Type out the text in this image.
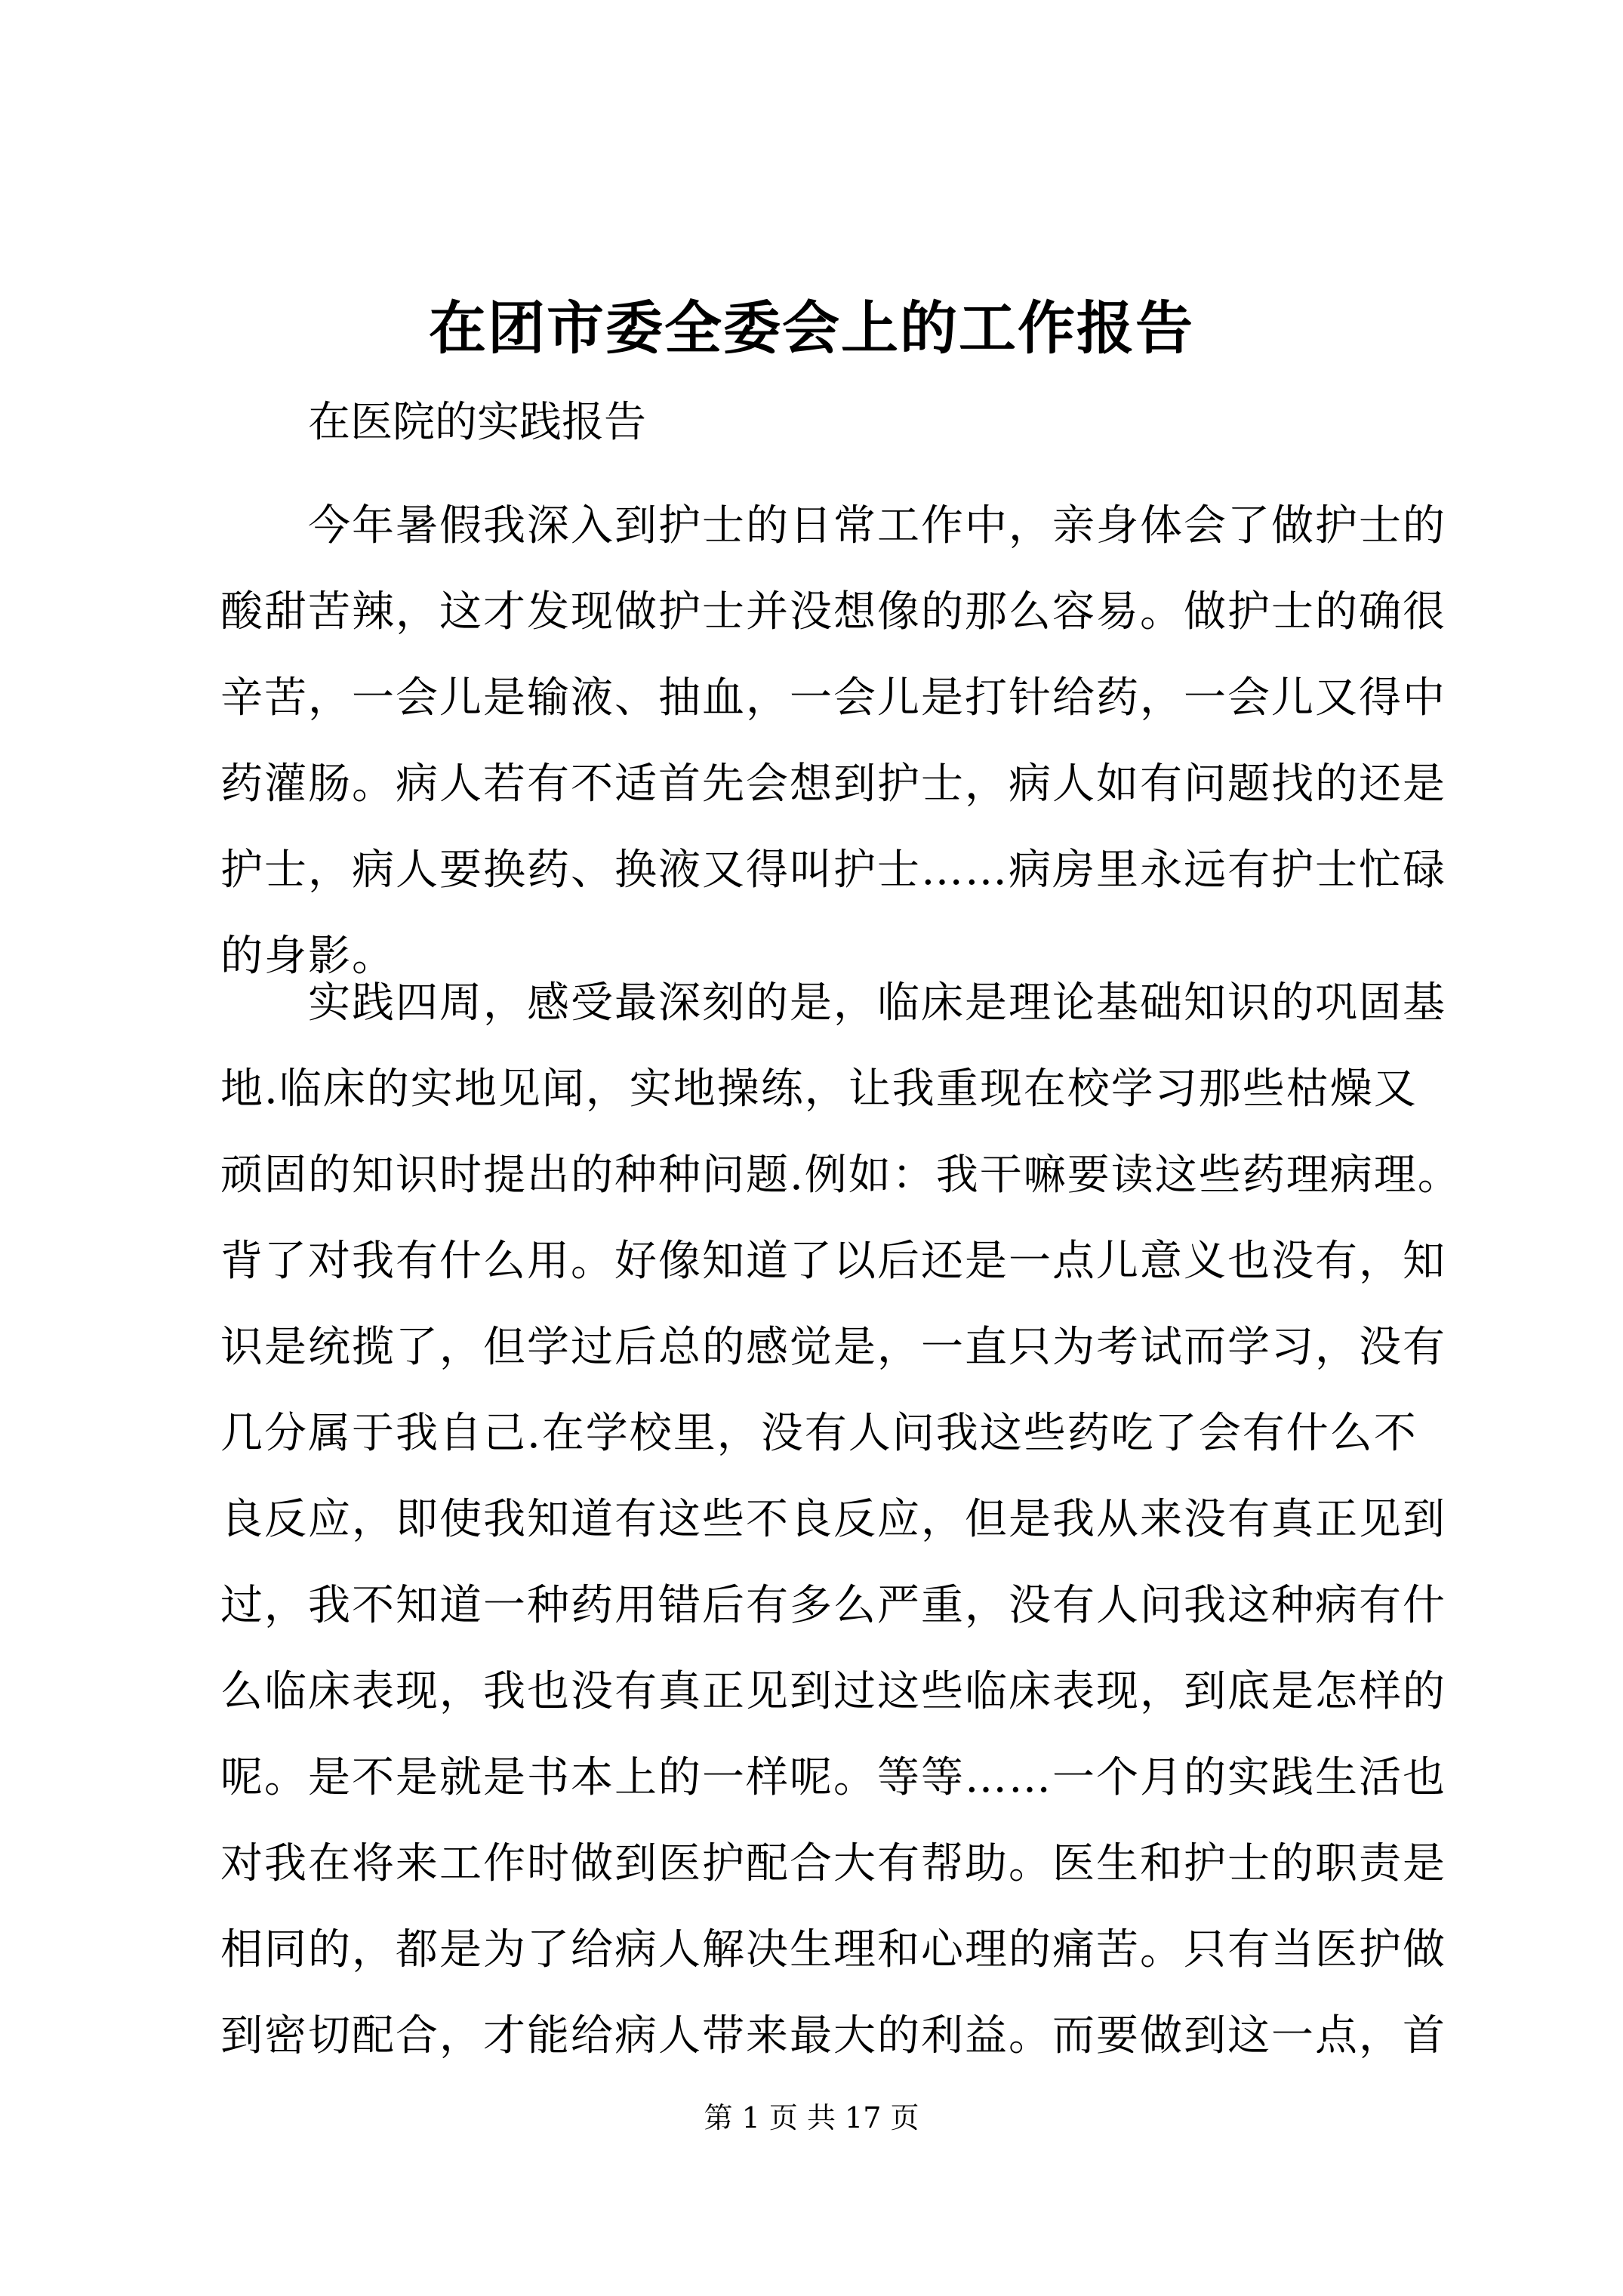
在团市委全委会上的工作报告

在医院的实践报告

　　今年暑假我深入到护士的日常工作中，亲身体会了做护士的
酸甜苦辣，这才发现做护士并没想像的那么容易。做护士的确很
辛苦，一会儿是输液、抽血，一会儿是打针给药，一会儿又得中
药灌肠。病人若有不适首先会想到护士，病人如有问题找的还是
护士，病人要换药、换液又得叫护士……病房里永远有护士忙碌
的身影。
　　实践四周，感受最深刻的是，临床是理论基础知识的巩固基
地.临床的实地见闻，实地操练，让我重现在校学习那些枯燥又
顽固的知识时提出的种种问题.例如：我干嘛要读这些药理病理。
背了对我有什么用。好像知道了以后还是一点儿意义也没有，知
识是统揽了，但学过后总的感觉是，一直只为考试而学习，没有
几分属于我自己.在学校里，没有人问我这些药吃了会有什么不
良反应，即使我知道有这些不良反应，但是我从来没有真正见到
过，我不知道一种药用错后有多么严重，没有人问我这种病有什
么临床表现，我也没有真正见到过这些临床表现，到底是怎样的
呢。是不是就是书本上的一样呢。等等……一个月的实践生活也
对我在将来工作时做到医护配合大有帮助。医生和护士的职责是
相同的，都是为了给病人解决生理和心理的痛苦。只有当医护做
到密切配合，才能给病人带来最大的利益。而要做到这一点，首

第 1 页 共 17 页
